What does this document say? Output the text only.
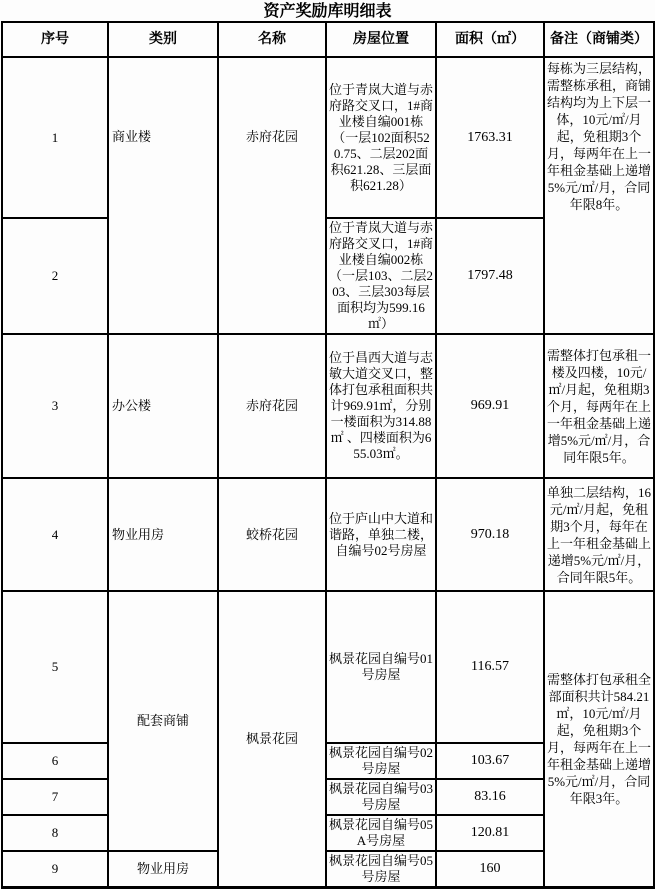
资产奖励库明细表
序号	类别	名称	房屋位置	面积（㎡）	备注（商铺类）
1	商业楼	赤府花园	位于青岚大道与赤府路交叉口，1#商业楼自编001栋（一层102面积520.75、二层202面积621.28、三层面积621.28）	1763.31	每栋为三层结构，需整栋承租，商铺结构均为上下层一体，10元/㎡/月起，免租期3个月，每两年在上一年租金基础上递增5%元/㎡/月，合同年限8年。

2			位于青岚大道与赤府路交叉口，1#商业楼自编002栋（一层103、二层203、三层303每层面积均为599.16㎡）	1797.48	
3	办公楼	赤府花园	位于昌西大道与志敏大道交叉口，整体打包承租面积共计969.91㎡，分别一楼面积为314.88㎡ 、四楼面积为655.03㎡。	969.91	需整体打包承租一楼及四楼，10元/㎡/月起，免租期3个月，每两年在上一年租金基础上递增5%元/㎡/月，合同年限5年。
4	物业用房	蛟桥花园	位于庐山中大道和谐路，单独二楼，自编号02号房屋	970.18	单独二层结构，16元/㎡/月起，免租期3个月，每年在上一年租金基础上递增5%元/㎡/月，合同年限5年。
5	配套商铺	枫景花园	枫景花园自编号01号房屋	116.57	需整体打包承租全部面积共计584.21㎡，10元/㎡/月起，免租期3个月，每两年在上一年租金基础上递增5%元/㎡/月，合同年限3年。
6			枫景花园自编号02号房屋	103.67	
7			枫景花园自编号03号房屋	83.16	
8			枫景花园自编号05A号房屋	120.81	
9	物业用房		枫景花园自编号05号房屋	160	
